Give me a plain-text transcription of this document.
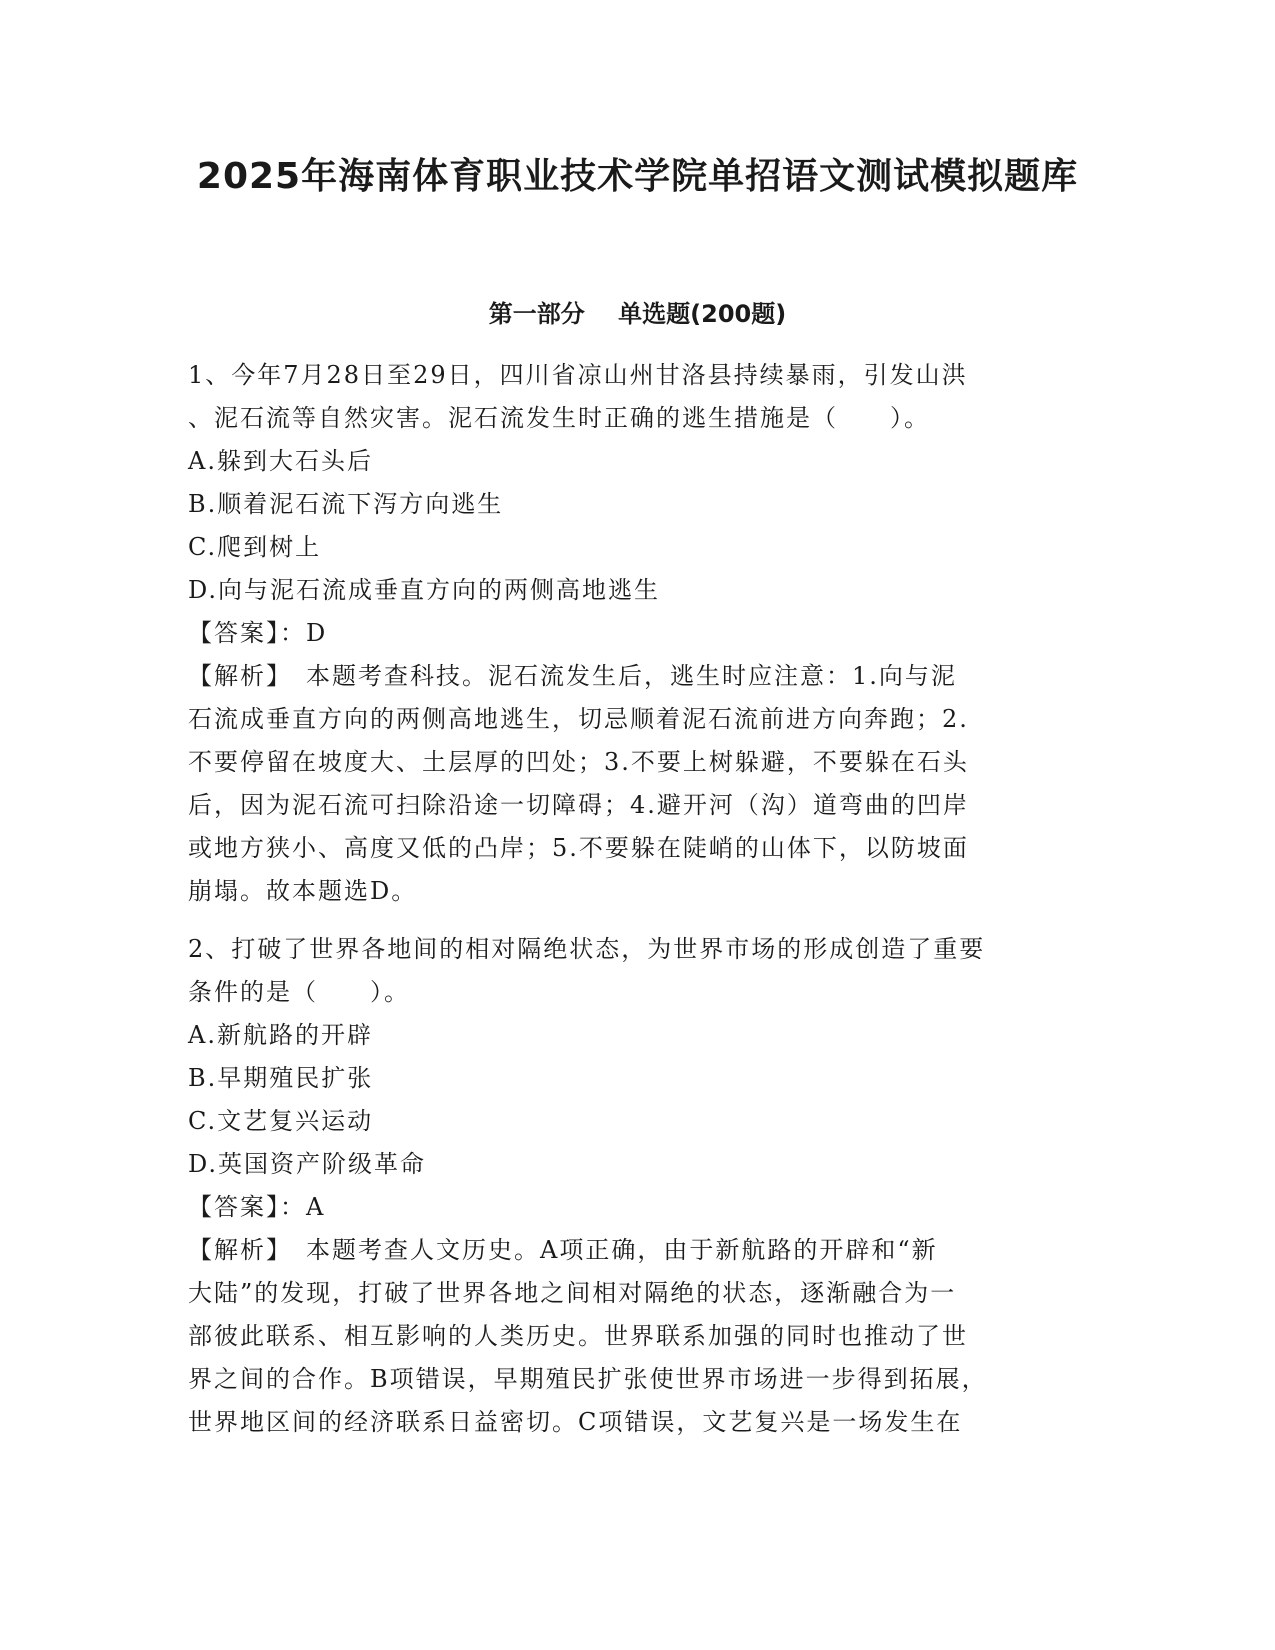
2025年海南体育职业技术学院单招语文测试模拟题库
第一部分    单选题(200题)
1、今年7月28日至29日，四川省凉山州甘洛县持续暴雨，引发山洪
、泥石流等自然灾害。泥石流发生时正确的逃生措施是（　　）。
A.躲到大石头后
B.顺着泥石流下泻方向逃生
C.爬到树上
D.向与泥石流成垂直方向的两侧高地逃生
【答案】：D
【解析】　本题考查科技。泥石流发生后，逃生时应注意：1.向与泥
石流成垂直方向的两侧高地逃生，切忌顺着泥石流前进方向奔跑；2.
不要停留在坡度大、土层厚的凹处；3.不要上树躲避，不要躲在石头
后，因为泥石流可扫除沿途一切障碍；4.避开河（沟）道弯曲的凹岸
或地方狭小、高度又低的凸岸；5.不要躲在陡峭的山体下，以防坡面
崩塌。故本题选D。
2、打破了世界各地间的相对隔绝状态，为世界市场的形成创造了重要
条件的是（　　）。
A.新航路的开辟
B.早期殖民扩张
C.文艺复兴运动
D.英国资产阶级革命
【答案】：A
【解析】　本题考查人文历史。A项正确，由于新航路的开辟和“新
大陆”的发现，打破了世界各地之间相对隔绝的状态，逐渐融合为一
部彼此联系、相互影响的人类历史。世界联系加强的同时也推动了世
界之间的合作。B项错误，早期殖民扩张使世界市场进一步得到拓展，
世界地区间的经济联系日益密切。C项错误，文艺复兴是一场发生在
